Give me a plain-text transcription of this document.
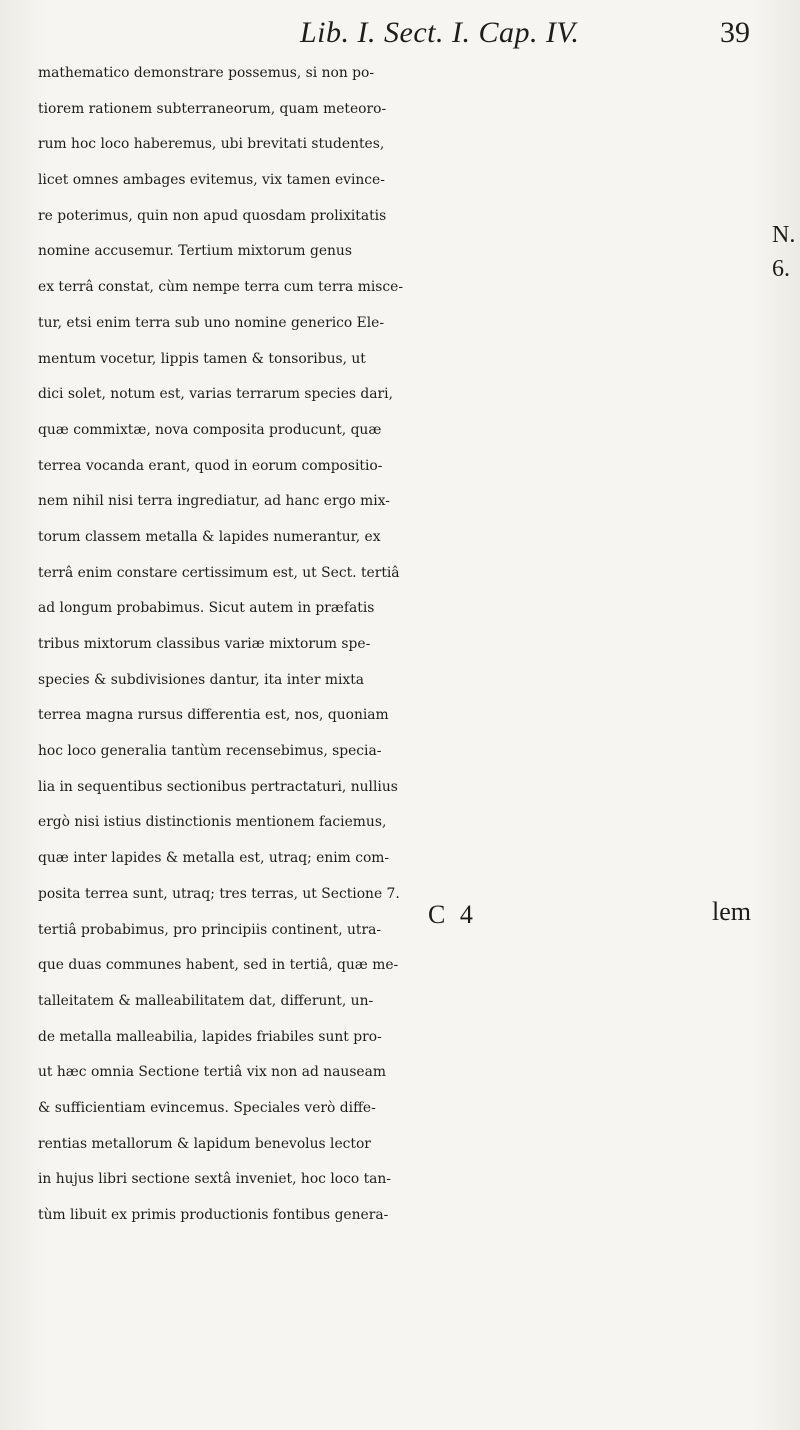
Lib. I. Sect. I. Cap. IV.	39
mathematico demonstrare possemus, si non po-
tiorem rationem subterraneorum, quam meteoro-
rum hoc loco haberemus, ubi brevitati studentes,
licet omnes ambages evitemus, vix tamen evince-
re poterimus, quin non apud quosdam prolixitatis
nomine accusemur. Tertium mixtorum genus
ex terrâ constat, cùm nempe terra cum terra misce-
tur, etsi enim terra sub uno nomine generico Ele-
mentum vocetur, lippis tamen & tonsoribus, ut
dici solet, notum est, varias terrarum species dari,
quæ commixtæ, nova composita producunt, quæ
terrea vocanda erant, quod in eorum compositio-
nem nihil nisi terra ingrediatur, ad hanc ergo mix-
torum classem metalla & lapides numerantur, ex
terrâ enim constare certissimum est, ut Sect. tertiâ
ad longum probabimus. Sicut autem in præfatis
tribus mixtorum classibus variæ mixtorum spe-
species & subdivisiones dantur, ita inter mixta
terrea magna rursus differentia est, nos, quoniam
hoc loco generalia tantùm recensebimus, specia-
lia in sequentibus sectionibus pertractaturi, nullius
ergò nisi istius distinctionis mentionem faciemus,
quæ inter lapides & metalla est, utraq; enim com-
posita terrea sunt, utraq; tres terras, ut Sectione 7.
tertiâ probabimus, pro principiis continent, utra-
que duas communes habent, sed in tertiâ, quæ me-
talleitatem & malleabilitatem dat, differunt, un-
de metalla malleabilia, lapides friabiles sunt pro-
ut hæc omnia Sectione tertiâ vix non ad nauseam
& sufficientiam evincemus. Speciales verò diffe-
rentias metallorum & lapidum benevolus lector
in hujus libri sectione sextâ inveniet, hoc loco tan-
tùm libuit ex primis productionis fontibus genera-
N.
6.
C 4	lem
